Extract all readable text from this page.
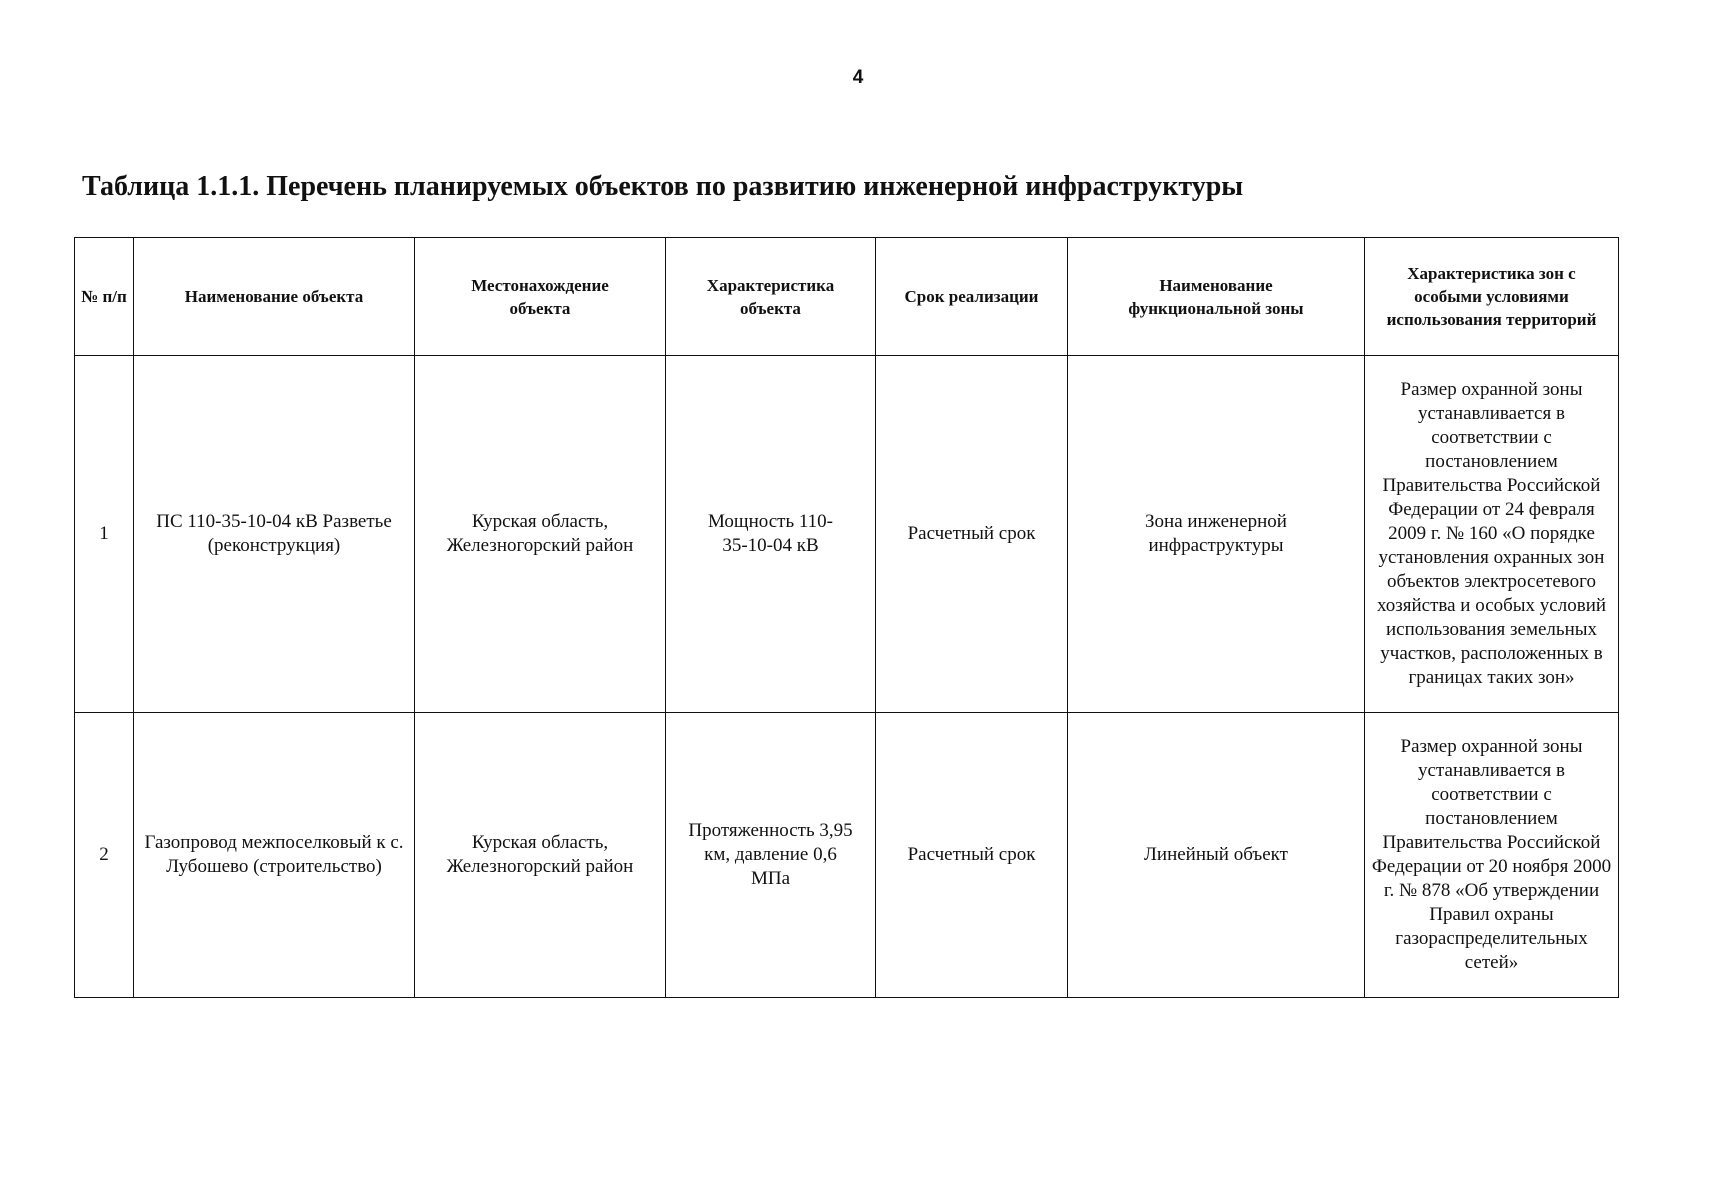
4
Таблица 1.1.1. Перечень планируемых объектов по развитию инженерной инфраструктуры
№ п/п	Наименование объекта	Местонахождение объекта	Характеристика объекта	Срок реализации	Наименование функциональной зоны	Характеристика зон с особыми условиями использования территорий
1	ПС 110-35-10-04 кВ Разветье (реконструкция)	Курская область, Железногорский район	Мощность 110-35-10-04 кВ	Расчетный срок	Зона инженерной инфраструктуры	Размер охранной зоны устанавливается в соответствии с постановлением Правительства Российской Федерации от 24 февраля 2009 г. № 160 «О порядке установления охранных зон объектов электросетевого хозяйства и особых условий использования земельных участков, расположенных в границах таких зон»
2	Газопровод межпоселковый к с. Лубошево (строительство)	Курская область, Железногорский район	Протяженность 3,95 км, давление 0,6 МПа	Расчетный срок	Линейный объект	Размер охранной зоны устанавливается в соответствии с постановлением Правительства Российской Федерации от 20 ноября 2000 г. № 878 «Об утверждении Правил охраны газораспределительных сетей»
